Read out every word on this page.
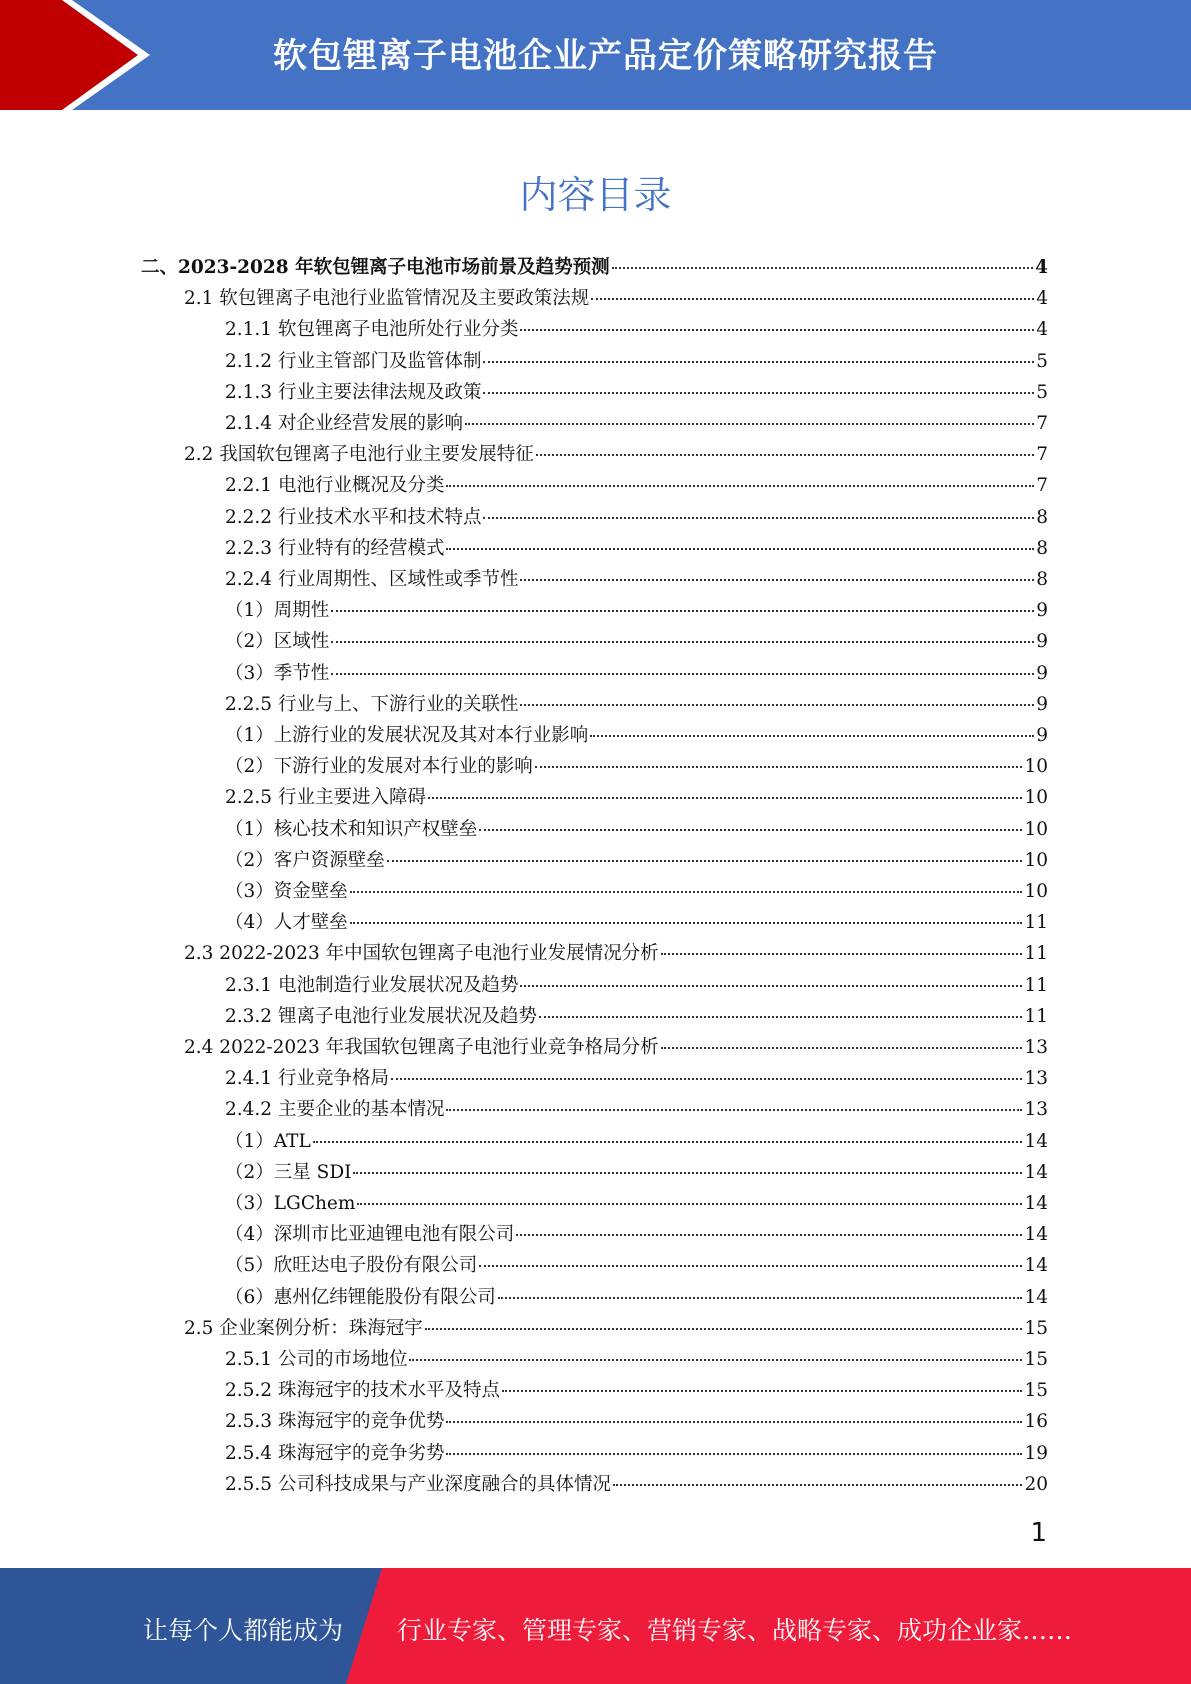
软包锂离子电池企业产品定价策略研究报告
内容目录
二、2023-2028 年软包锂离子电池市场前景及趋势预测	4
2.1 软包锂离子电池行业监管情况及主要政策法规	4
2.1.1 软包锂离子电池所处行业分类	4
2.1.2 行业主管部门及监管体制	5
2.1.3 行业主要法律法规及政策	5
2.1.4 对企业经营发展的影响	7
2.2 我国软包锂离子电池行业主要发展特征	7
2.2.1 电池行业概况及分类	7
2.2.2 行业技术水平和技术特点	8
2.2.3 行业特有的经营模式	8
2.2.4 行业周期性、区域性或季节性	8
（1）周期性	9
（2）区域性	9
（3）季节性	9
2.2.5 行业与上、下游行业的关联性	9
（1）上游行业的发展状况及其对本行业影响	9
（2）下游行业的发展对本行业的影响	10
2.2.5 行业主要进入障碍	10
（1）核心技术和知识产权壁垒	10
（2）客户资源壁垒	10
（3）资金壁垒	10
（4）人才壁垒	11
2.3 2022-2023 年中国软包锂离子电池行业发展情况分析	11
2.3.1 电池制造行业发展状况及趋势	11
2.3.2 锂离子电池行业发展状况及趋势	11
2.4 2022-2023 年我国软包锂离子电池行业竞争格局分析	13
2.4.1 行业竞争格局	13
2.4.2 主要企业的基本情况	13
（1）ATL	14
（2）三星 SDI	14
（3）LGChem	14
（4）深圳市比亚迪锂电池有限公司	14
（5）欣旺达电子股份有限公司	14
（6）惠州亿纬锂能股份有限公司	14
2.5 企业案例分析：珠海冠宇	15
2.5.1 公司的市场地位	15
2.5.2 珠海冠宇的技术水平及特点	15
2.5.3 珠海冠宇的竞争优势	16
2.5.4 珠海冠宇的竞争劣势	19
2.5.5 公司科技成果与产业深度融合的具体情况	20
1
让每个人都能成为 行业专家、管理专家、营销专家、战略专家、成功企业家……
